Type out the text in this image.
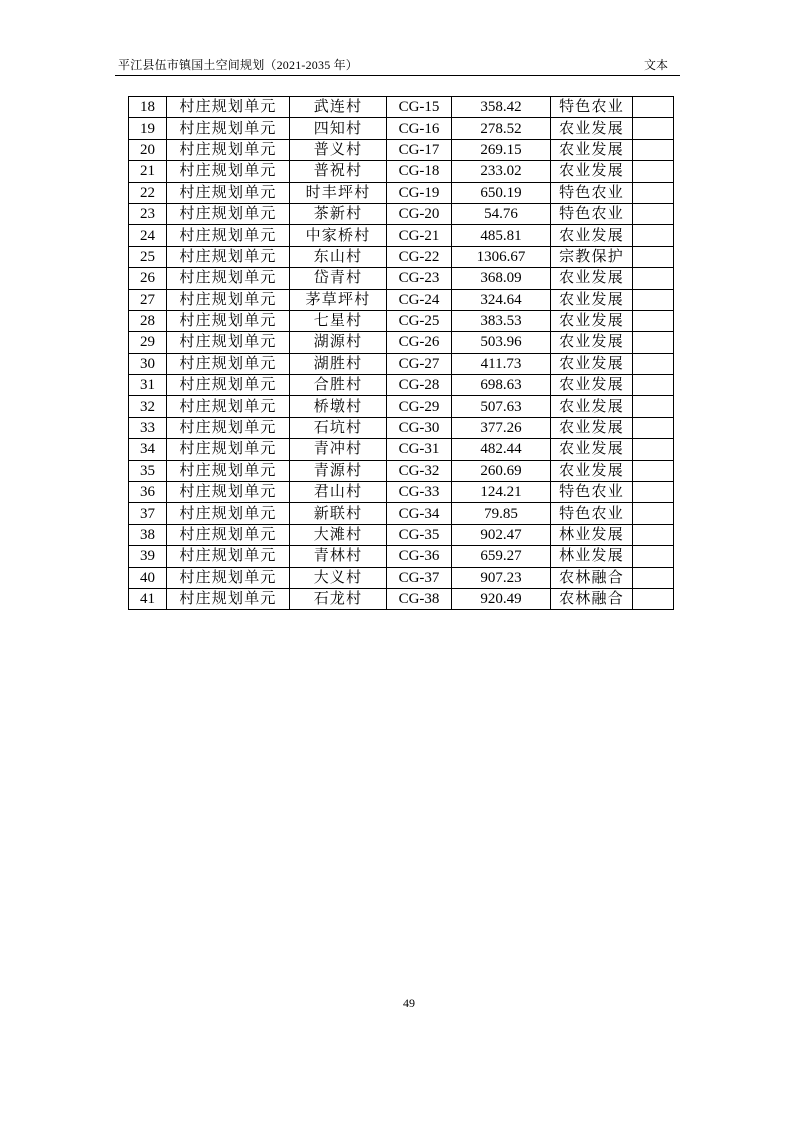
平江县伍市镇国土空间规划（2021-2035 年）	文本
18	村庄规划单元	武连村	CG-15	358.42	特色农业	
19	村庄规划单元	四知村	CG-16	278.52	农业发展	
20	村庄规划单元	普义村	CG-17	269.15	农业发展	
21	村庄规划单元	普祝村	CG-18	233.02	农业发展	
22	村庄规划单元	时丰坪村	CG-19	650.19	特色农业	
23	村庄规划单元	茶新村	CG-20	54.76	特色农业	
24	村庄规划单元	中家桥村	CG-21	485.81	农业发展	
25	村庄规划单元	东山村	CG-22	1306.67	宗教保护	
26	村庄规划单元	岱青村	CG-23	368.09	农业发展	
27	村庄规划单元	茅草坪村	CG-24	324.64	农业发展	
28	村庄规划单元	七星村	CG-25	383.53	农业发展	
29	村庄规划单元	湖源村	CG-26	503.96	农业发展	
30	村庄规划单元	湖胜村	CG-27	411.73	农业发展	
31	村庄规划单元	合胜村	CG-28	698.63	农业发展	
32	村庄规划单元	桥墩村	CG-29	507.63	农业发展	
33	村庄规划单元	石坑村	CG-30	377.26	农业发展	
34	村庄规划单元	青冲村	CG-31	482.44	农业发展	
35	村庄规划单元	青源村	CG-32	260.69	农业发展	
36	村庄规划单元	君山村	CG-33	124.21	特色农业	
37	村庄规划单元	新联村	CG-34	79.85	特色农业	
38	村庄规划单元	大滩村	CG-35	902.47	林业发展	
39	村庄规划单元	青林村	CG-36	659.27	林业发展	
40	村庄规划单元	大义村	CG-37	907.23	农林融合	
41	村庄规划单元	石龙村	CG-38	920.49	农林融合	
49
